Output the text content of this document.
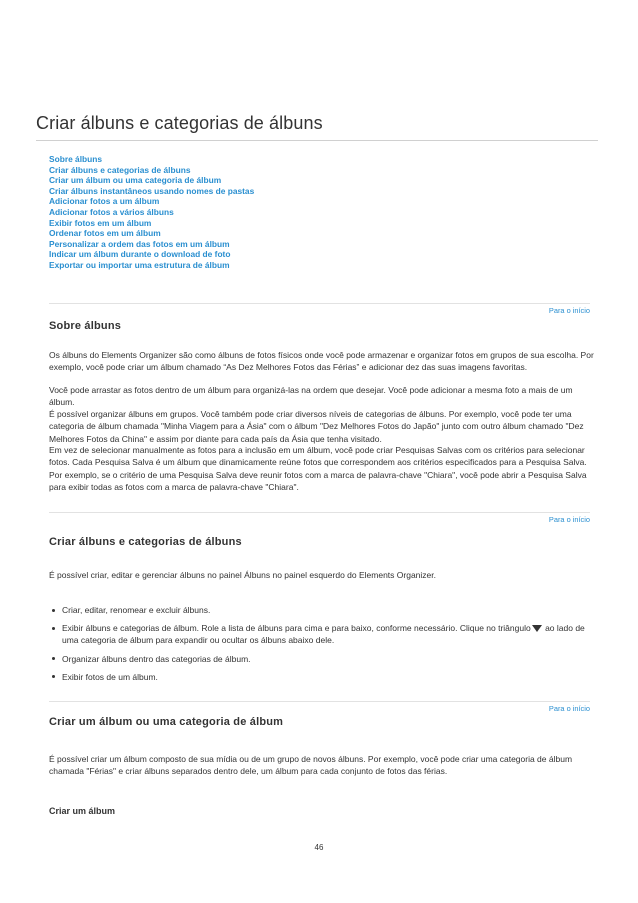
Criar álbuns e categorias de álbuns
Sobre álbuns
Criar álbuns e categorias de álbuns
Criar um álbum ou uma categoria de álbum
Criar álbuns instantâneos usando nomes de pastas
Adicionar fotos a um álbum
Adicionar fotos a vários álbuns
Exibir fotos em um álbum
Ordenar fotos em um álbum
Personalizar a ordem das fotos em um álbum
Indicar um álbum durante o download de foto
Exportar ou importar uma estrutura de álbum
Para o início
Sobre álbuns

Os álbuns do Elements Organizer são como álbuns de fotos físicos onde você pode armazenar e organizar fotos em grupos de sua escolha. Por exemplo, você pode criar um álbum chamado “As Dez Melhores Fotos das Férias” e adicionar dez das suas imagens favoritas.

Você pode arrastar as fotos dentro de um álbum para organizá-las na ordem que desejar. Você pode adicionar a mesma foto a mais de um álbum.

É possível organizar álbuns em grupos. Você também pode criar diversos níveis de categorias de álbuns. Por exemplo, você pode ter uma categoria de álbum chamada "Minha Viagem para a Ásia" com o álbum "Dez Melhores Fotos do Japão" junto com outro álbum chamado "Dez Melhores Fotos da China" e assim por diante para cada país da Ásia que tenha visitado.

Em vez de selecionar manualmente as fotos para a inclusão em um álbum, você pode criar Pesquisas Salvas com os critérios para selecionar fotos. Cada Pesquisa Salva é um álbum que dinamicamente reúne fotos que correspondem aos critérios especificados para a Pesquisa Salva. Por exemplo, se o critério de uma Pesquisa Salva deve reunir fotos com a marca de palavra-chave "Chiara", você pode abrir a Pesquisa Salva para exibir todas as fotos com a marca de palavra-chave "Chiara".

Para o início
Criar álbuns e categorias de álbuns

É possível criar, editar e gerenciar álbuns no painel Álbuns no painel esquerdo do Elements Organizer.

Criar, editar, renomear e excluir álbuns.
Exibir álbuns e categorias de álbum. Role a lista de álbuns para cima e para baixo, conforme necessário. Clique no triângulo ao lado de uma categoria de álbum para expandir ou ocultar os álbuns abaixo dele.
Organizar álbuns dentro das categorias de álbum.
Exibir fotos de um álbum.
Para o início
Criar um álbum ou uma categoria de álbum

É possível criar um álbum composto de sua mídia ou de um grupo de novos álbuns. Por exemplo, você pode criar uma categoria de álbum chamada "Férias" e criar álbuns separados dentro dele, um álbum para cada conjunto de fotos das férias.

Criar um álbum
46
